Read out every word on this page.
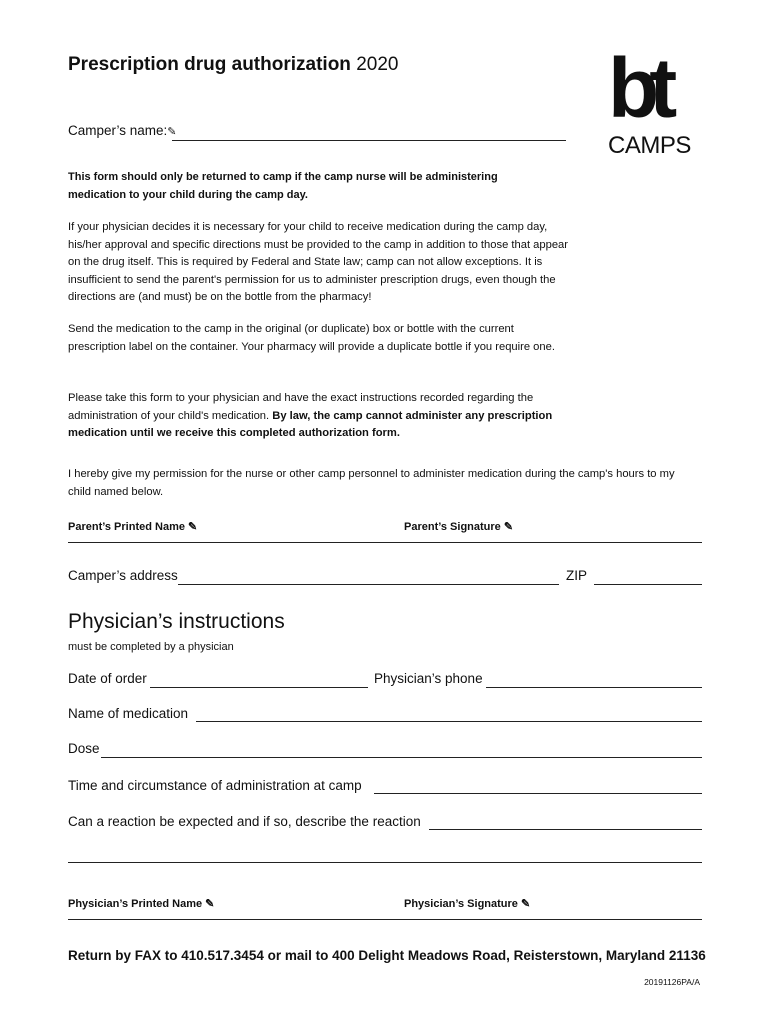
Prescription drug authorization 2020 bt
CAMPS
Camper’s name:✎
This form should only be returned to camp if the camp nurse will be administering medication to your child during the camp day.
If your physician decides it is necessary for your child to receive medication during the camp day, his/her approval and specific directions must be provided to the camp in addition to those that appear on the drug itself. This is required by Federal and State law; camp can not allow exceptions. It is insufficient to send the parent's permission for us to administer prescription drugs, even though the directions are (and must) be on the bottle from the pharmacy!
Send the medication to the camp in the original (or duplicate) box or bottle with the current prescription label on the container. Your pharmacy will provide a duplicate bottle if you require one.
Please take this form to your physician and have the exact instructions recorded regarding the administration of your child's medication. By law, the camp cannot administer any prescription medication until we receive this completed authorization form.
I hereby give my permission for the nurse or other camp personnel to administer medication during the camp's hours to my child named below.
Parent’s Printed Name ✎	Parent’s Signature ✎
Camper’s address	ZIP
Physician’s instructions
must be completed by a physician
Date of order	Physician’s phone
Name of medication
Dose
Time and circumstance of administration at camp
Can a reaction be expected and if so, describe the reaction
Physician’s Printed Name ✎	Physician’s Signature ✎
Return by FAX to 410.517.3454 or mail to 400 Delight Meadows Road, Reisterstown, Maryland 21136
20191126PA/A
